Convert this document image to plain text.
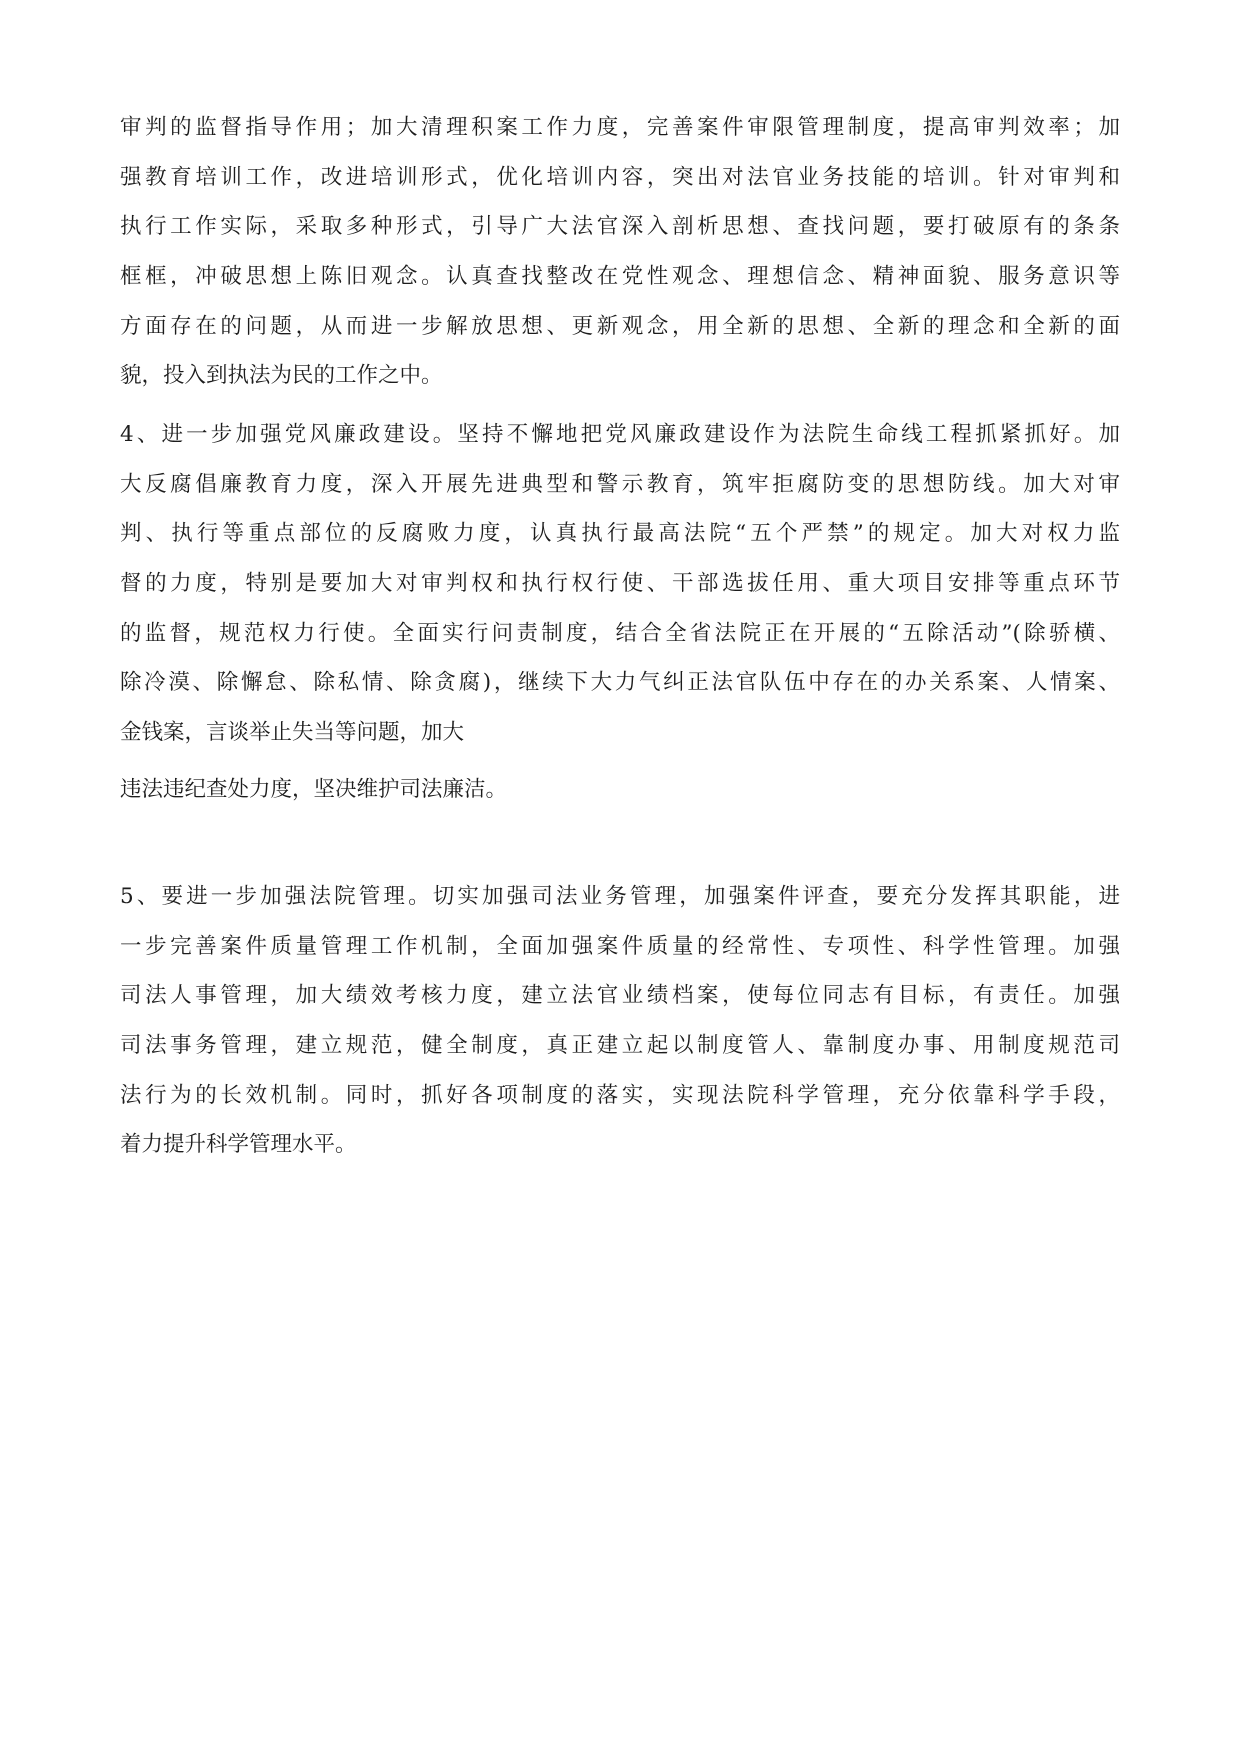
审判的监督指导作用；加大清理积案工作力度，完善案件审限管理制度，提高审判效率；加
强教育培训工作，改进培训形式，优化培训内容，突出对法官业务技能的培训。针对审判和
执行工作实际，采取多种形式，引导广大法官深入剖析思想、查找问题，要打破原有的条条
框框，冲破思想上陈旧观念。认真查找整改在党性观念、理想信念、精神面貌、服务意识等
方面存在的问题，从而进一步解放思想、更新观念，用全新的思想、全新的理念和全新的面
貌，投入到执法为民的工作之中。
4、进一步加强党风廉政建设。坚持不懈地把党风廉政建设作为法院生命线工程抓紧抓好。加
大反腐倡廉教育力度，深入开展先进典型和警示教育，筑牢拒腐防变的思想防线。加大对审
判、执行等重点部位的反腐败力度，认真执行最高法院“五个严禁”的规定。加大对权力监
督的力度，特别是要加大对审判权和执行权行使、干部选拔任用、重大项目安排等重点环节
的监督，规范权力行使。全面实行问责制度，结合全省法院正在开展的“五除活动”(除骄横、
除冷漠、除懈怠、除私情、除贪腐)，继续下大力气纠正法官队伍中存在的办关系案、人情案、
金钱案，言谈举止失当等问题，加大
违法违纪查处力度，坚决维护司法廉洁。
5、要进一步加强法院管理。切实加强司法业务管理，加强案件评查，要充分发挥其职能，进
一步完善案件质量管理工作机制，全面加强案件质量的经常性、专项性、科学性管理。加强
司法人事管理，加大绩效考核力度，建立法官业绩档案，使每位同志有目标，有责任。加强
司法事务管理，建立规范，健全制度，真正建立起以制度管人、靠制度办事、用制度规范司
法行为的长效机制。同时，抓好各项制度的落实，实现法院科学管理，充分依靠科学手段，
着力提升科学管理水平。
